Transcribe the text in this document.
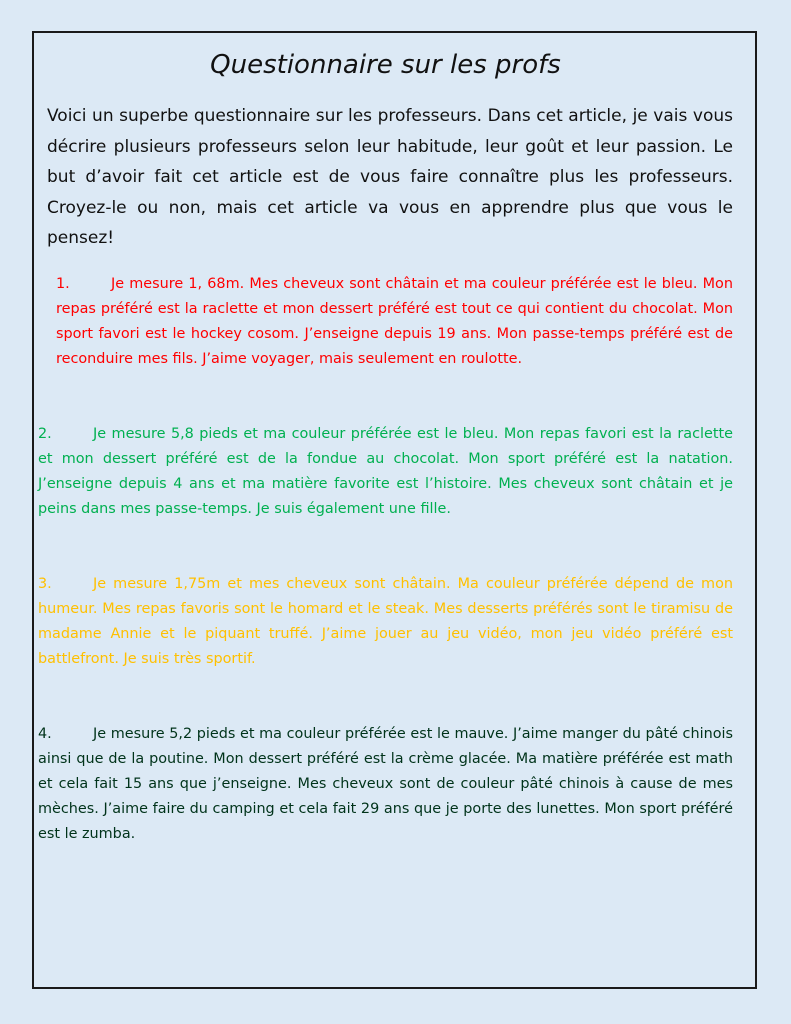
Questionnaire sur les profs

Voici un superbe questionnaire sur les professeurs. Dans cet article, je vais vous décrire plusieurs professeurs selon leur habitude, leur goût et leur passion. Le but d’avoir fait cet article est de vous faire connaître plus les professeurs. Croyez-le ou non, mais cet article va vous en apprendre plus que vous le pensez!

1.	Je mesure 1, 68m. Mes cheveux sont châtain et ma couleur préférée est le bleu. Mon repas préféré est la raclette et mon dessert préféré est tout ce qui contient du chocolat. Mon sport favori est le hockey cosom. J’enseigne depuis 19 ans. Mon passe-temps préféré est de reconduire mes fils. J’aime voyager, mais seulement en roulotte.

2.	Je mesure 5,8 pieds et ma couleur préférée est le bleu. Mon repas favori est la raclette et mon dessert préféré est de la fondue au chocolat. Mon sport préféré est la natation. J’enseigne depuis 4 ans et ma matière favorite est l’histoire. Mes cheveux sont châtain et je peins dans mes passe-temps. Je suis également une fille.

3.	Je mesure 1,75m et mes cheveux sont châtain. Ma couleur préférée dépend de mon humeur. Mes repas favoris sont le homard et le steak. Mes desserts préférés sont le tiramisu de madame Annie et le piquant truffé. J’aime jouer au jeu vidéo, mon jeu vidéo préféré est battlefront. Je suis très sportif.

4.	Je mesure 5,2 pieds et ma couleur préférée est le mauve. J’aime manger du pâté chinois ainsi que de la poutine. Mon dessert préféré est la crème glacée. Ma matière préférée est math et cela fait 15 ans que j’enseigne. Mes cheveux sont de couleur pâté chinois à cause de mes mèches. J’aime faire du camping et cela fait 29 ans que je porte des lunettes. Mon sport préféré est le zumba.
